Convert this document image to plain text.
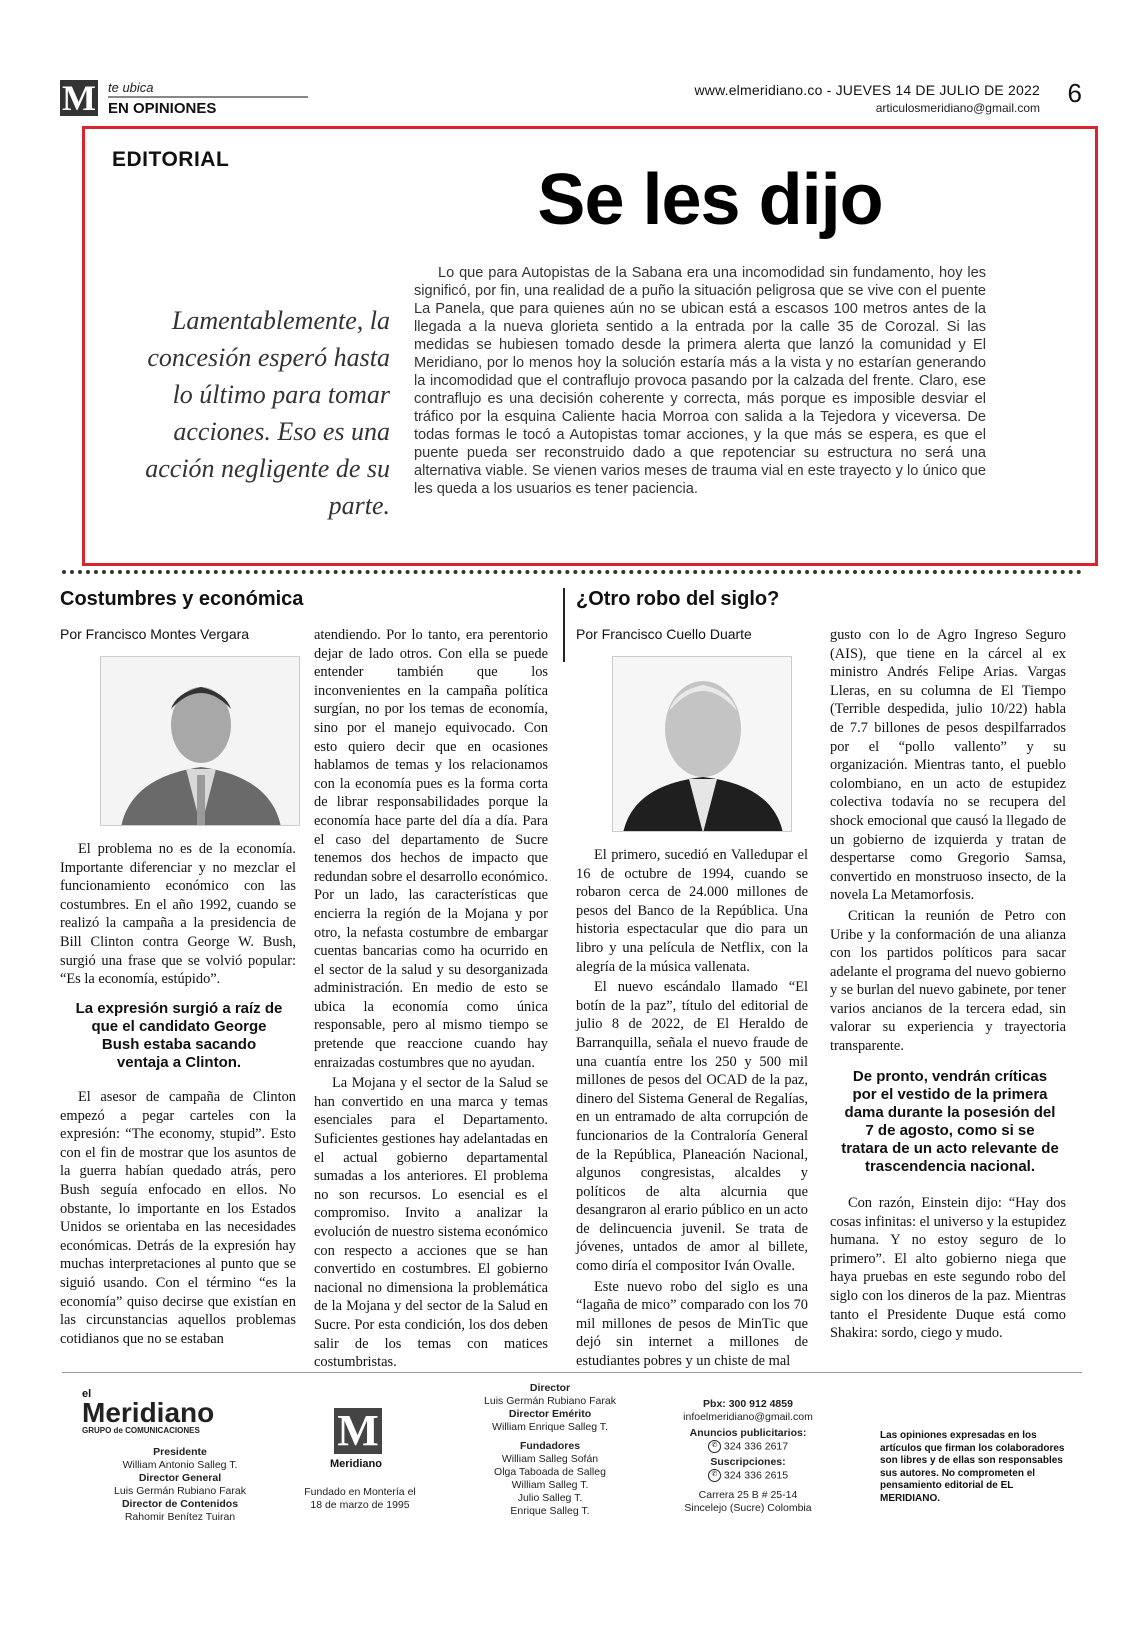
M te ubica
EN OPINIONES
www.elmeridiano.co - JUEVES 14 DE JULIO DE 2022
articulosmeridiano@gmail.com 6
EDITORIAL
Se les dijo
Lamentablemente, la concesión esperó hasta lo último para tomar acciones. Eso es una acción negligente de su parte.
Lo que para Autopistas de la Sabana era una incomodidad sin fundamento, hoy les significó, por fin, una realidad de a puño la situación peligrosa que se vive con el puente La Panela, que para quienes aún no se ubican está a escasos 100 metros antes de la llegada a la nueva glorieta sentido a la entrada por la calle 35 de Corozal. Si las medidas se hubiesen tomado desde la primera alerta que lanzó la comunidad y El Meridiano, por lo menos hoy la solución estaría más a la vista y no estarían generando la incomodidad que el contraflujo provoca pasando por la calzada del frente. Claro, ese contraflujo es una decisión coherente y correcta, más porque es imposible desviar el tráfico por la esquina Caliente hacia Morroa con salida a la Tejedora y viceversa. De todas formas le tocó a Autopistas tomar acciones, y la que más se espera, es que el puente pueda ser reconstruido dado a que repotenciar su estructura no será una alternativa viable. Se vienen varios meses de trauma vial en este trayecto y lo único que les queda a los usuarios es tener paciencia.
Costumbres y económica
Por Francisco Montes Vergara

El problema no es de la economía. Importante diferenciar y no mezclar el funcionamiento económico con las costumbres. En el año 1992, cuando se realizó la campaña a la presidencia de Bill Clinton contra George W. Bush, surgió una frase que se volvió popular: “Es la economía, estúpido”.

La expresión surgió a raíz de que el candidato George Bush estaba sacando ventaja a Clinton.

El asesor de campaña de Clinton empezó a pegar carteles con la expresión: “The economy, stupid”. Esto con el fin de mostrar que los asuntos de la guerra habían quedado atrás, pero Bush seguía enfocado en ellos. No obstante, lo importante en los Estados Unidos se orientaba en las necesidades económicas. Detrás de la expresión hay muchas interpretaciones al punto que se siguió usando. Con el término “es la economía” quiso decirse que existían en las circunstancias aquellos problemas cotidianos que no se estaban

atendiendo. Por lo tanto, era perentorio dejar de lado otros. Con ella se puede entender también que los inconvenientes en la campaña política surgían, no por los temas de economía, sino por el manejo equivocado. Con esto quiero decir que en ocasiones hablamos de temas y los relacionamos con la economía pues es la forma corta de librar responsabilidades porque la economía hace parte del día a día. Para el caso del departamento de Sucre tenemos dos hechos de impacto que redundan sobre el desarrollo económico. Por un lado, las características que encierra la región de la Mojana y por otro, la nefasta costumbre de embargar cuentas bancarias como ha ocurrido en el sector de la salud y su desorganizada administración. En medio de esto se ubica la economía como única responsable, pero al mismo tiempo se pretende que reaccione cuando hay enraizadas costumbres que no ayudan.

La Mojana y el sector de la Salud se han convertido en una marca y temas esenciales para el Departamento. Suficientes gestiones hay adelantadas en el actual gobierno departamental sumadas a los anteriores. El problema no son recursos. Lo esencial es el compromiso. Invito a analizar la evolución de nuestro sistema económico con respecto a acciones que se han convertido en costumbres. El gobierno nacional no dimensiona la problemática de la Mojana y del sector de la Salud en Sucre. Por esta condición, los dos deben salir de los temas con matices costumbristas.

¿Otro robo del siglo?
Por Francisco Cuello Duarte

El primero, sucedió en Valledupar el 16 de octubre de 1994, cuando se robaron cerca de 24.000 millones de pesos del Banco de la República. Una historia espectacular que dio para un libro y una película de Netflix, con la alegría de la música vallenata.

El nuevo escándalo llamado “El botín de la paz”, título del editorial de julio 8 de 2022, de El Heraldo de Barranquilla, señala el nuevo fraude de una cuantía entre los 250 y 500 mil millones de pesos del OCAD de la paz, dinero del Sistema General de Regalías, en un entramado de alta corrupción de funcionarios de la Contraloría General de la República, Planeación Nacional, algunos congresistas, alcaldes y políticos de alta alcurnia que desangraron al erario público en un acto de delincuencia juvenil. Se trata de jóvenes, untados de amor al billete, como diría el compositor Iván Ovalle.

Este nuevo robo del siglo es una “lagaña de mico” comparado con los 70 mil millones de pesos de MinTic que dejó sin internet a millones de estudiantes pobres y un chiste de mal

gusto con lo de Agro Ingreso Seguro (AIS), que tiene en la cárcel al ex ministro Andrés Felipe Arias. Vargas Lleras, en su columna de El Tiempo (Terrible despedida, julio 10/22) habla de 7.7 billones de pesos despilfarrados por el “pollo vallento” y su organización. Mientras tanto, el pueblo colombiano, en un acto de estupidez colectiva todavía no se recupera del shock emocional que causó la llegado de un gobierno de izquierda y tratan de despertarse como Gregorio Samsa, convertido en monstruoso insecto, de la novela La Metamorfosis.

Critican la reunión de Petro con Uribe y la conformación de una alianza con los partidos políticos para sacar adelante el programa del nuevo gobierno y se burlan del nuevo gabinete, por tener varios ancianos de la tercera edad, sin valorar su experiencia y trayectoria transparente.

De pronto, vendrán críticas por el vestido de la primera dama durante la posesión del 7 de agosto, como si se tratara de un acto relevante de trascendencia nacional.

Con razón, Einstein dijo: “Hay dos cosas infinitas: el universo y la estupidez humana. Y no estoy seguro de lo primero”. El alto gobierno niega que haya pruebas en este segundo robo del siglo con los dineros de la paz. Mientras tanto el Presidente Duque está como Shakira: sordo, ciego y mudo.

el
Meridiano
GRUPO de COMUNICACIONES
Presidente
William Antonio Salleg T.
Director General
Luis Germán Rubiano Farak
Director de Contenidos
Rahomir Benítez Tuiran
M
Meridiano
Fundado en Montería el 18 de marzo de 1995
Director
Luis Germán Rubiano Farak
Director Emérito
William Enrique Salleg T.
Fundadores
William Salleg Sofán
Olga Taboada de Salleg
William Salleg T.
Julio Salleg T.
Enrique Salleg T.
Pbx: 300 912 4859
infoelmeridiano@gmail.com
Anuncios publicitarios:
✆ 324 336 2617
Suscripciones:
✆ 324 336 2615
Carrera 25 B # 25-14
Sincelejo (Sucre) Colombia
Las opiniones expresadas en los artículos que firman los colaboradores son libres y de ellas son responsables sus autores. No comprometen el pensamiento editorial de EL MERIDIANO.
